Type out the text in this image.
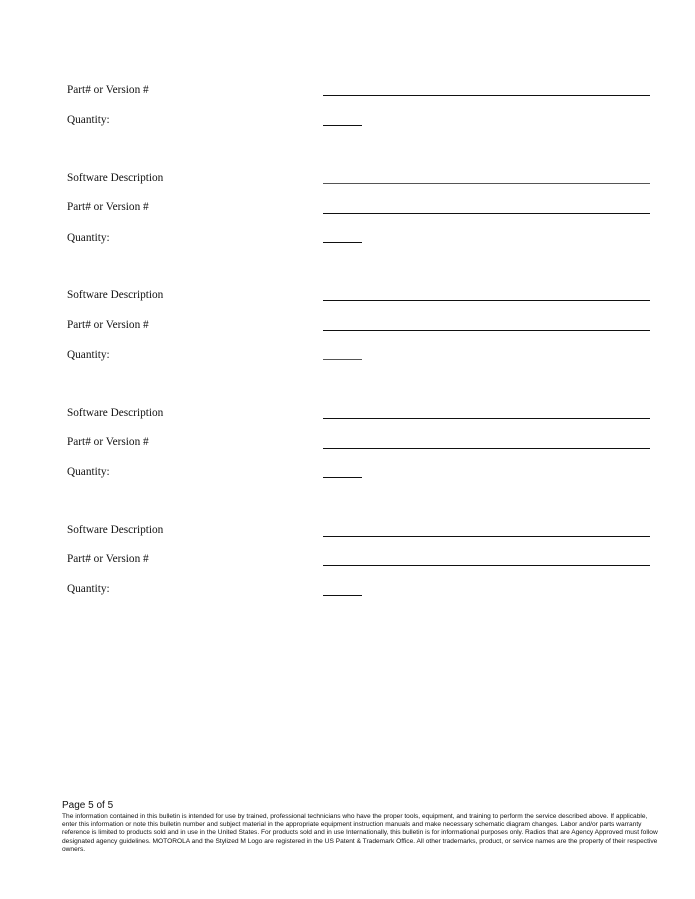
Part# or Version #
Quantity:
Software Description
Part# or Version #
Quantity:
Software Description
Part# or Version #
Quantity:
Software Description
Part# or Version #
Quantity:
Software Description
Part# or Version #
Quantity:
Page 5 of 5
The information contained in this bulletin is intended for use by trained, professional technicians who have the proper tools, equipment, and training to perform the service described above. If applicable, enter this information or note this bulletin number and subject material in the appropriate equipment instruction manuals and make necessary schematic diagram changes. Labor and/or parts warranty reference is limited to products sold and in use in the United States. For products sold and in use Internationally, this bulletin is for informational purposes only. Radios that are Agency Approved must follow designated agency guidelines. MOTOROLA and the Stylized M Logo are registered in the US Patent & Trademark Office. All other trademarks, product, or service names are the property of their respective owners.
